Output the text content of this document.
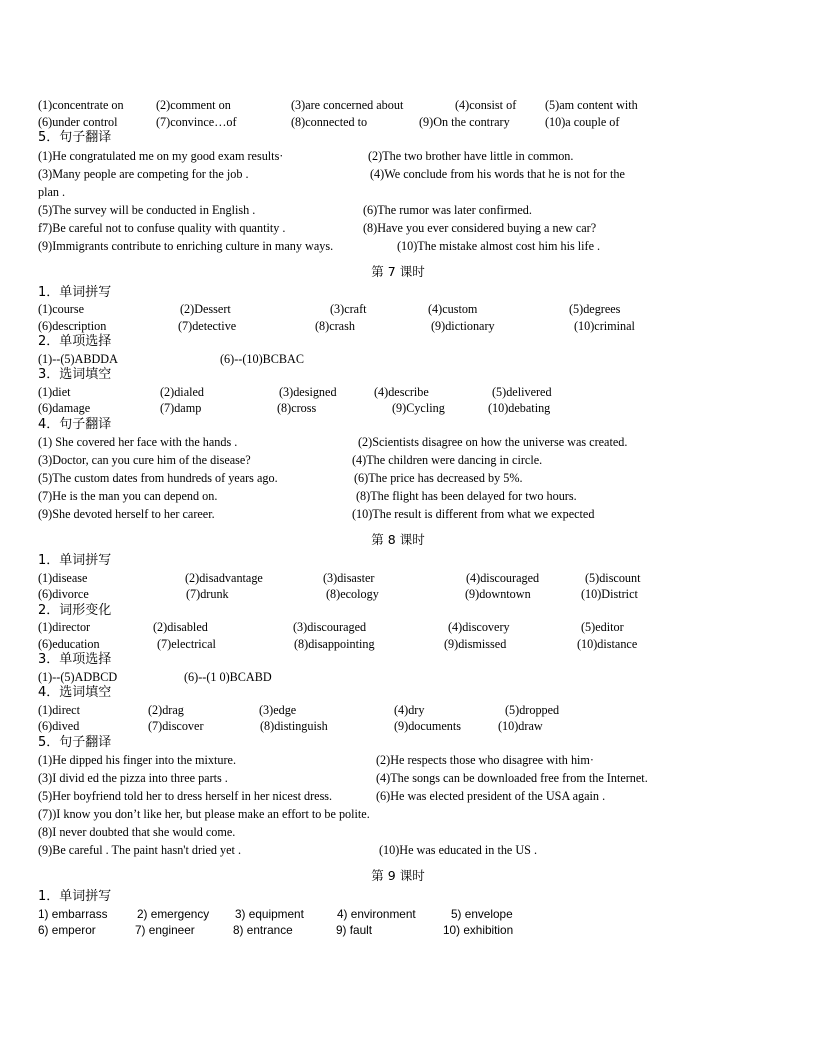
(1)concentrate on	(2)comment on	(3)are concerned about	(4)consist of (5)am content with
(6)under control	(7)convince…of	(8)connected to	(9)On the contrary	(10)a couple of
5．句子翻译
(1)He congratulated me on my good exam results·	(2)The two brother have little in common.
(3)Many people are competing for the job .	(4)We conclude from his words that he is not for the
plan .
(5)The survey will be conducted in English .	(6)The rumor was later confirmed.
f7)Be careful not to confuse quality with quantity .	(8)Have you ever considered buying a new car?
(9)Immigrants contribute to enriching culture in many ways.	(10)The mistake almost cost him his life .
第 7 课时
1．单词拼写
(1)course	(2)Dessert	(3)craft	(4)custom	(5)degrees
(6)description	(7)detective	(8)crash	(9)dictionary	(10)criminal
2．单项选择
(1)--(5)ABDDA	(6)--(10)BCBAC
3．选词填空
(1)diet	(2)dialed	(3)designed	(4)describe	(5)delivered
(6)damage	(7)damp	(8)cross	(9)Cycling	(10)debating
4．句子翻译
(1) She covered her face with the hands .	(2)Scientists disagree on how the universe was created.
(3)Doctor, can you cure him of the disease?	(4)The children were dancing in circle.
(5)The custom dates from hundreds of years ago.	(6)The price has decreased by 5%.
(7)He is the man you can depend on.	(8)The flight has been delayed for two hours.
(9)She devoted herself to her career.	(10)The result is different from what we expected
第 8 课时
1．单词拼写
(1)disease	(2)disadvantage	(3)disaster	(4)discouraged	(5)discount
(6)divorce	(7)drunk	(8)ecology	(9)downtown	(10)District
2．词形变化
(1)director	(2)disabled	(3)discouraged	(4)discovery	(5)editor
(6)education	(7)electrical	(8)disappointing	(9)dismissed	(10)distance
3．单项选择
(1)--(5)ADBCD	(6)--(1 0)BCABD
4．选词填空
(1)direct	(2)drag	(3)edge	(4)dry	(5)dropped
(6)dived	(7)discover	(8)distinguish	(9)documents	(10)draw
5．句子翻译
(1)He dipped his finger into the mixture.	(2)He respects those who disagree with him·
(3)I divid ed the pizza into three parts .	(4)The songs can be downloaded free from the Internet.
(5)Her boyfriend told her to dress herself in her nicest dress.	(6)He was elected president of the USA again .
(7))I know you don’t like her, but please make an effort to be polite.
(8)I never doubted that she would come.
(9)Be careful . The paint hasn't dried yet .	(10)He was educated in the US .
第 9 课时
1．单词拼写
1) embarrass	2) emergency 3) equipment	4) environment	5) envelope
6) emperor	7) engineer	8) entrance	9) fault	10) exhibition
